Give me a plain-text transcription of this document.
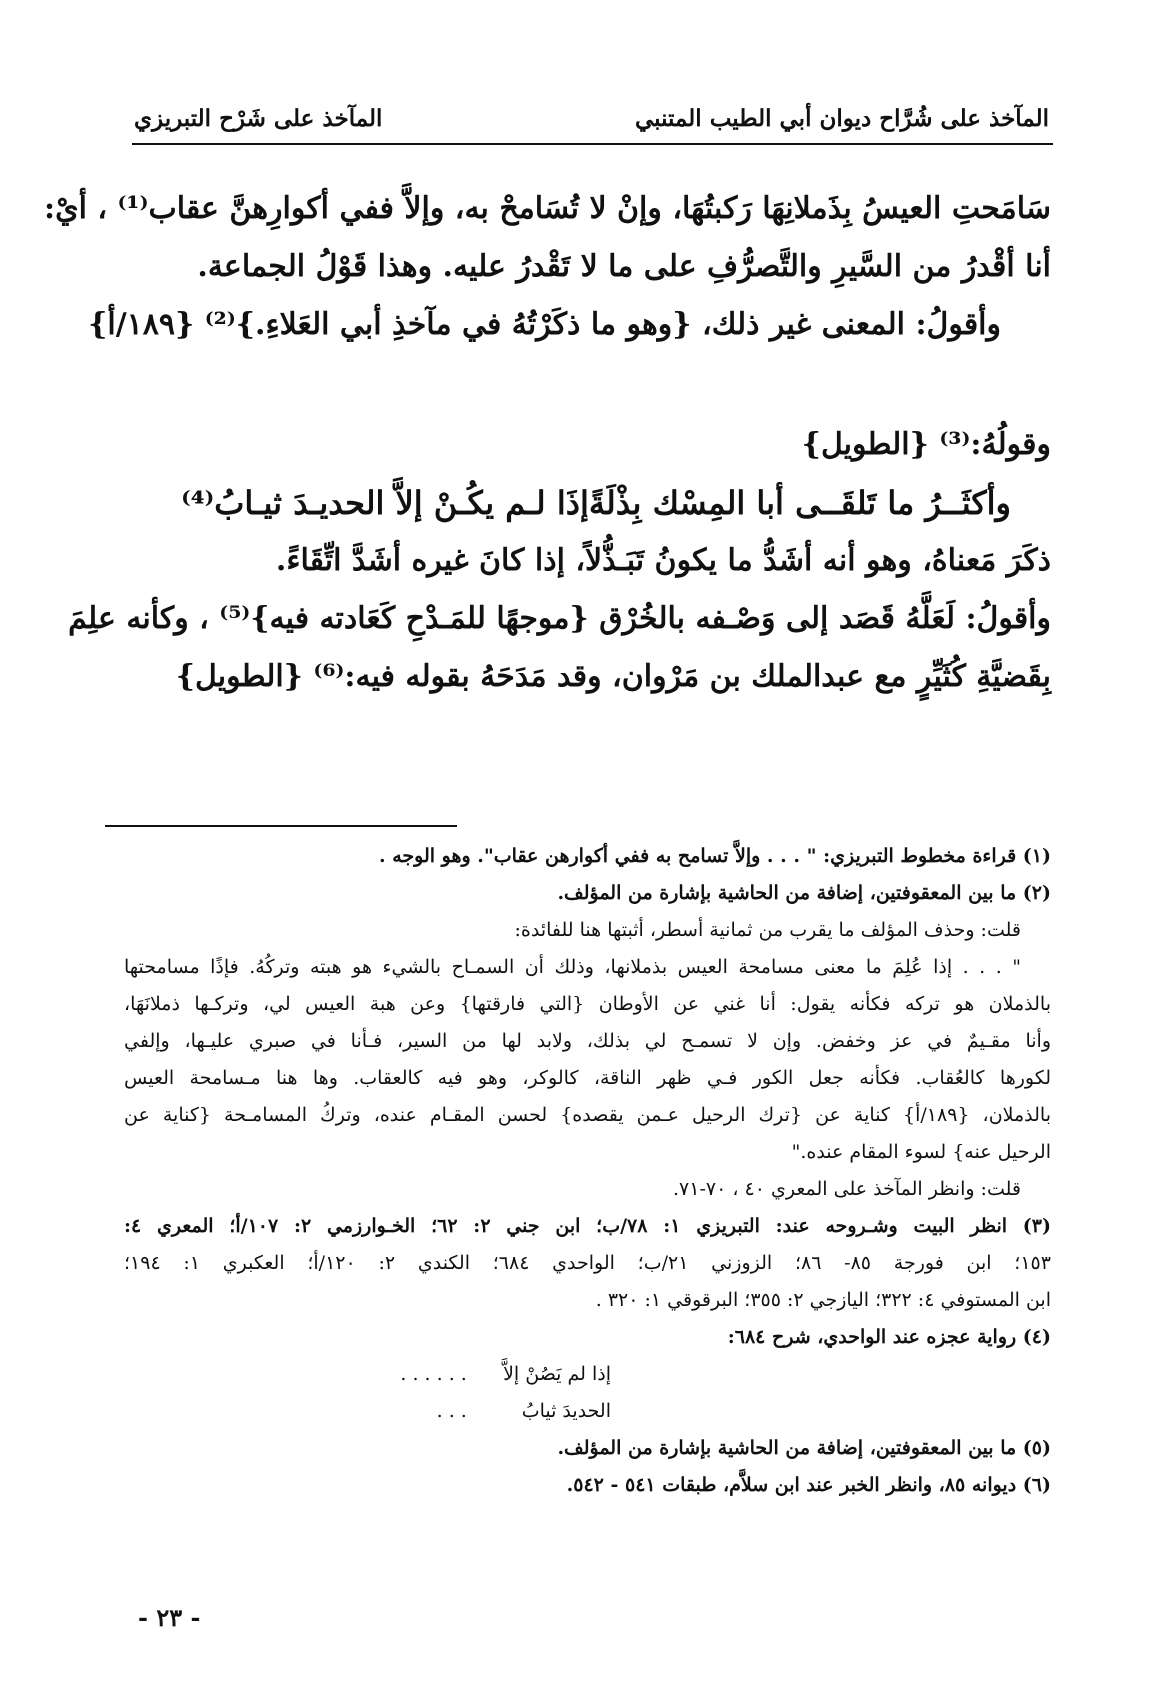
المآخذ على شُرَّاح ديوان أبي الطيب المتنبي
المآخذ على شَرْح التبريزي
سَامَحتِ العيسُ بِذَملانِهَا رَكبتُهَا، وإنْ لا تُسَامحْ به، وإلاَّ ففي أكوارِهنَّ عقاب⁽¹⁾ ، أيْ:
أنا أقْدرُ من السَّيرِ والتَّصرُّفِ على ما لا تَقْدرُ عليه. وهذا قَوْلُ الجماعة.
وأقولُ: المعنى غير ذلك، {وهو ما ذكَرْتُهُ في مآخذِ أبي العَلاءِ.}⁽²⁾ {١٨٩/أ}
وقولُهُ:⁽³⁾ {الطويل}
وأكثَــرُ ما تَلقَــى أبا المِسْك بِذْلَةً
إذَا لـم يكُـنْ إلاَّ الحديـدَ ثيـابُ⁽⁴⁾
ذكَرَ مَعناهُ، وهو أنه أشَدُّ ما يكونُ تَبَـذُّلاً، إذا كانَ غيره أشَدَّ اتِّقَاءً.
وأقولُ: لَعَلَّهُ قَصَد إلى وَصْـفه بالخُرْق {موجهًا للمَـدْحِ كَعَادته فيه}⁽⁵⁾ ، وكأنه علِمَ
بِقَضيَّةِ كُثَيِّرٍ مع عبدالملك بن مَرْوان، وقد مَدَحَهُ بقوله فيه:⁽⁶⁾ {الطويل}
(١) قراءة مخطوط التبريزي: " . . . وإلاَّ تسامح به ففي أكوارهن عقاب". وهو الوجه .
(٢) ما بين المعقوفتين، إضافة من الحاشية بإشارة من المؤلف.
قلت: وحذف المؤلف ما يقرب من ثمانية أسطر، أثبتها هنا للفائدة:
" . . . إذا عُلِمَ ما معنى مسامحة العيس بذملانها، وذلك أن السمـاح بالشيء هو هبته وتركُهُ. فإذًا مسامحتها
بالذملان هو تركه فكأنه يقول: أنا غني عن الأوطان {التي فارقتها} وعن هبة العيس لي، وتركـها ذملانَهَا،
وأنا مقـيمٌ في عز وخفض. وإن لا تسمـح لي بذلك، ولابد لها من السير، فـأنا في صبري عليـها، وإلفي
لكورها كالعُقاب. فكأنه جعل الكور فـي ظهر الناقة، كالوكر، وهو فيه كالعقاب. وها هنا مـسامحة العيس
بالذملان، {١٨٩/أ} كناية عن {ترك الرحيل عـمن يقصده} لحسن المقـام عنده، وتركُ المسامـحة {كناية عن
الرحيل عنه} لسوء المقام عنده."
قلت: وانظر المآخذ على المعري ٤٠ ، ٧٠-٧١.
(٣) انظر البيت وشـروحه عند: التبريزي ١: ٧٨/ب؛ ابن جني ٢: ٦٢؛ الخـوارزمي ٢: ١٠٧/أ؛ المعري ٤:
١٥٣؛ ابن فورجة ٨٥- ٨٦؛ الزوزني ٢١/ب؛ الواحدي ٦٨٤؛ الكندي ٢: ١٢٠/أ؛ العكبري ١: ١٩٤؛
ابن المستوفي ٤: ٣٢٢؛ اليازجي ٢: ٣٥٥؛ البرقوقي ١: ٣٢٠ .
(٤) رواية عجزه عند الواحدي، شرح ٦٨٤:
إذا لم يَصُنْ إلاَّ الحديدَ ثيابُ
. . . . . . . . .
(٥) ما بين المعقوفتين، إضافة من الحاشية بإشارة من المؤلف.
(٦) ديوانه ٨٥، وانظر الخبر عند ابن سلاَّم، طبقات ٥٤١ - ٥٤٢.
- ٢٣ -
